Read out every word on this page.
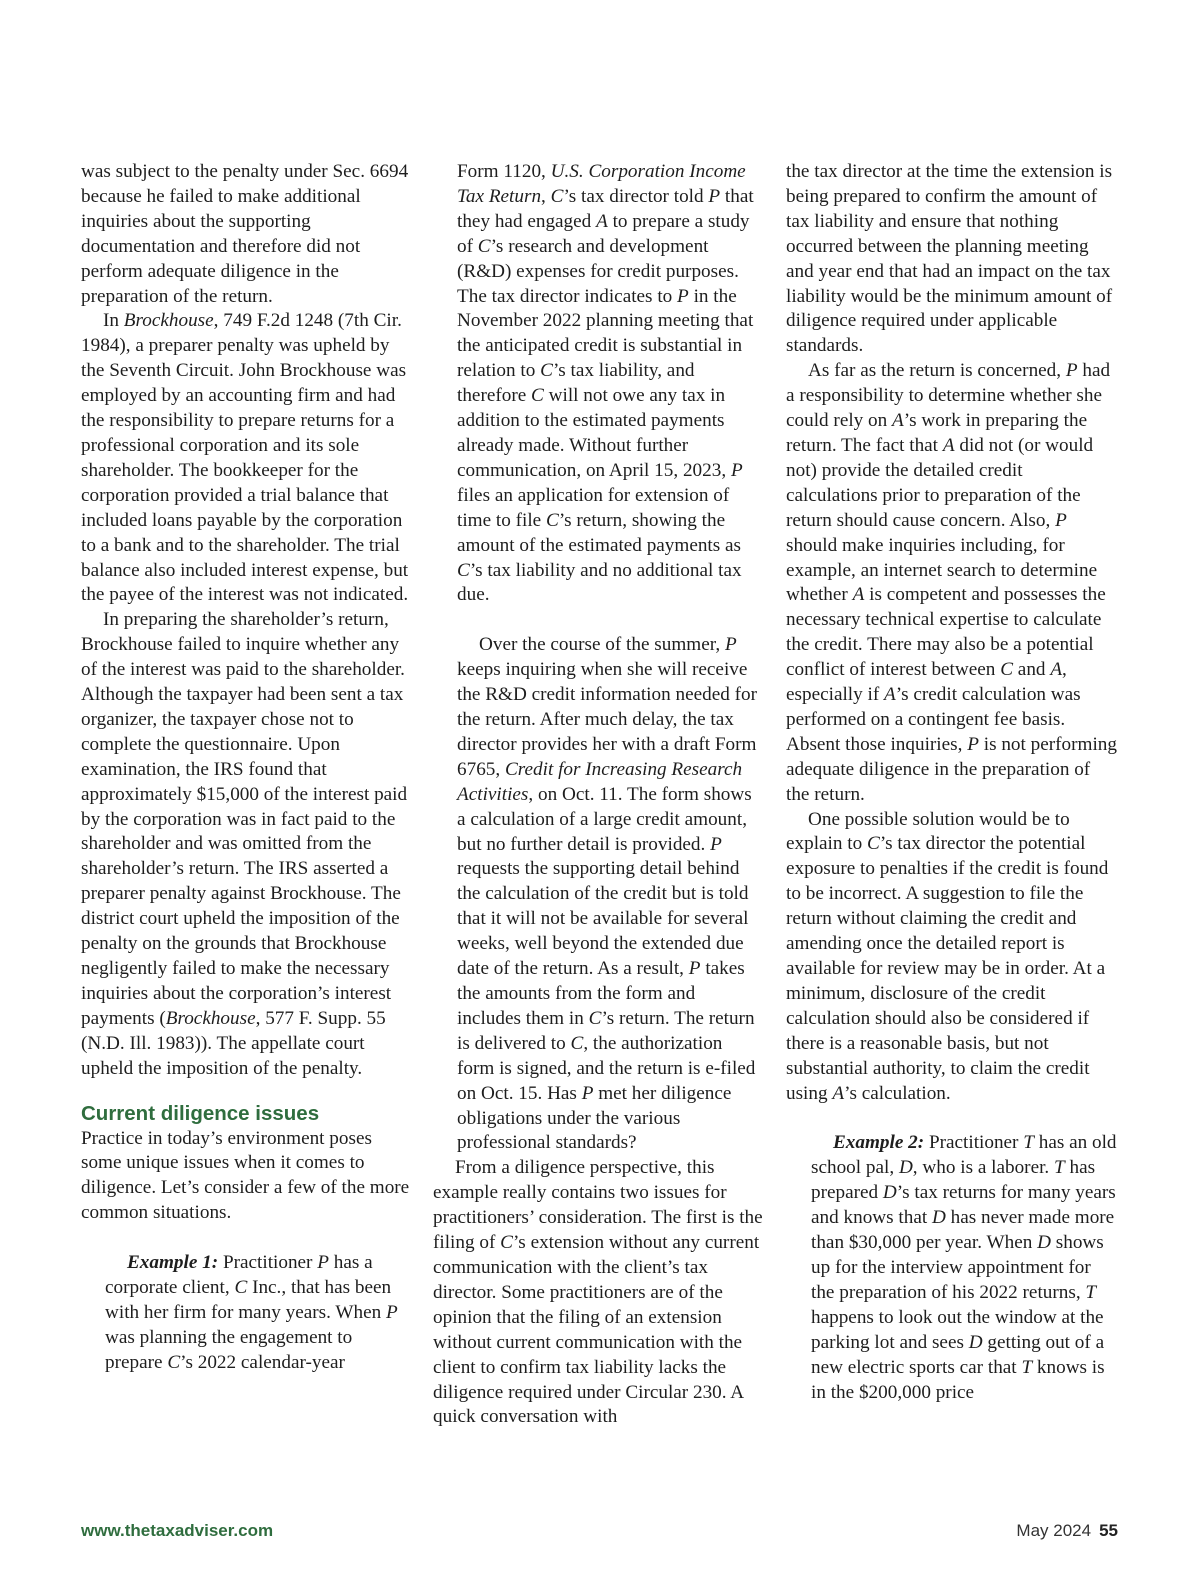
was subject to the penalty under Sec. 6694 because he failed to make additional inquiries about the supporting documentation and therefore did not perform adequate diligence in the preparation of the return.

In Brockhouse, 749 F.2d 1248 (7th Cir. 1984), a preparer penalty was upheld by the Seventh Circuit. John Brockhouse was employed by an accounting firm and had the responsibility to prepare returns for a professional corporation and its sole shareholder. The bookkeeper for the corporation provided a trial balance that included loans payable by the corporation to a bank and to the shareholder. The trial balance also included interest expense, but the payee of the interest was not indicated.

In preparing the shareholder’s return, Brockhouse failed to inquire whether any of the interest was paid to the shareholder. Although the taxpayer had been sent a tax organizer, the taxpayer chose not to complete the questionnaire. Upon examination, the IRS found that approximately $15,000 of the interest paid by the corporation was in fact paid to the shareholder and was omitted from the shareholder’s return. The IRS asserted a preparer penalty against Brockhouse. The district court upheld the imposition of the penalty on the grounds that Brockhouse negligently failed to make the necessary inquiries about the corporation’s interest payments (Brockhouse, 577 F. Supp. 55 (N.D. Ill. 1983)). The appellate court upheld the imposition of the penalty.

Current diligence issues

Practice in today’s environment poses some unique issues when it comes to diligence. Let’s consider a few of the more common situations.

Example 1: Practitioner P has a corporate client, C Inc., that has been with her firm for many years. When P was planning the engagement to prepare C’s 2022 calendar-year

Form 1120, U.S. Corporation Income Tax Return, C’s tax director told P that they had engaged A to prepare a study of C’s research and development (R&D) expenses for credit purposes. The tax director indicates to P in the November 2022 planning meeting that the anticipated credit is substantial in relation to C’s tax liability, and therefore C will not owe any tax in addition to the estimated payments already made. Without further communication, on April 15, 2023, P files an application for extension of time to file C’s return, showing the amount of the estimated payments as C’s tax liability and no additional tax due.

Over the course of the summer, P keeps inquiring when she will receive the R&D credit information needed for the return. After much delay, the tax director provides her with a draft Form 6765, Credit for Increasing Research Activities, on Oct. 11. The form shows a calculation of a large credit amount, but no further detail is provided. P requests the supporting detail behind the calculation of the credit but is told that it will not be available for several weeks, well beyond the extended due date of the return. As a result, P takes the amounts from the form and includes them in C’s return. The return is delivered to C, the authorization form is signed, and the return is e-filed on Oct. 15. Has P met her diligence obligations under the various professional standards?

From a diligence perspective, this example really contains two issues for practitioners’ consideration. The first is the filing of C’s extension without any current communication with the client’s tax director. Some practitioners are of the opinion that the filing of an extension without current communication with the client to confirm tax liability lacks the diligence required under Circular 230. A quick conversation with

the tax director at the time the extension is being prepared to confirm the amount of tax liability and ensure that nothing occurred between the planning meeting and year end that had an impact on the tax liability would be the minimum amount of diligence required under applicable standards.

As far as the return is concerned, P had a responsibility to determine whether she could rely on A’s work in preparing the return. The fact that A did not (or would not) provide the detailed credit calculations prior to preparation of the return should cause concern. Also, P should make inquiries including, for example, an internet search to determine whether A is competent and possesses the necessary technical expertise to calculate the credit. There may also be a potential conflict of interest between C and A, especially if A’s credit calculation was performed on a contingent fee basis. Absent those inquiries, P is not performing adequate diligence in the preparation of the return.

One possible solution would be to explain to C’s tax director the potential exposure to penalties if the credit is found to be incorrect. A suggestion to file the return without claiming the credit and amending once the detailed report is available for review may be in order. At a minimum, disclosure of the credit calculation should also be considered if there is a reasonable basis, but not substantial authority, to claim the credit using A’s calculation.

Example 2: Practitioner T has an old school pal, D, who is a laborer. T has prepared D’s tax returns for many years and knows that D has never made more than $30,000 per year. When D shows up for the interview appointment for the preparation of his 2022 returns, T happens to look out the window at the parking lot and sees D getting out of a new electric sports car that T knows is in the $200,000 price

www.thetaxadviser.com	May 2024 55
